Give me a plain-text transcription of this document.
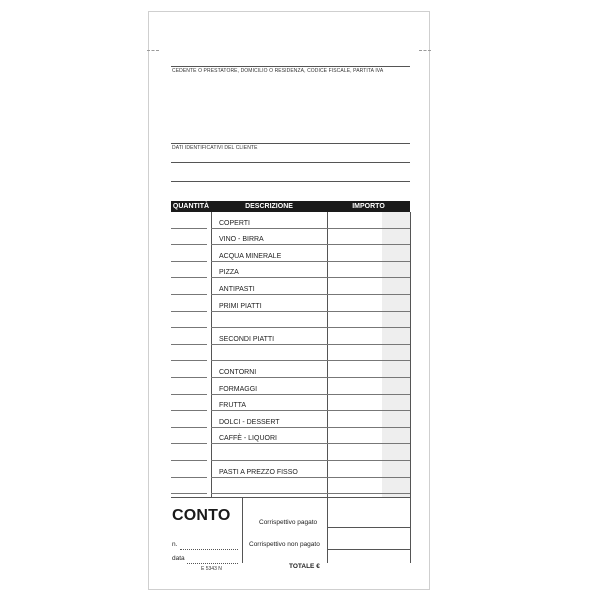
CEDENTE O PRESTATORE, DOMICILIO O RESIDENZA, CODICE FISCALE, PARTITA IVA
DATI IDENTIFICATIVI DEL CLIENTE
QUANTITÀ	DESCRIZIONE	IMPORTO
COPERTI
VINO - BIRRA
ACQUA MINERALE
PIZZA
ANTIPASTI
PRIMI PIATTI
SECONDI PIATTI
CONTORNI
FORMAGGI
FRUTTA
DOLCI - DESSERT
CAFFÈ - LIQUORI
PASTI A PREZZO FISSO
CONTO
n.
data
Corrispettivo pagato
Corrispettivo non pagato
TOTALE €
E 5343 N
